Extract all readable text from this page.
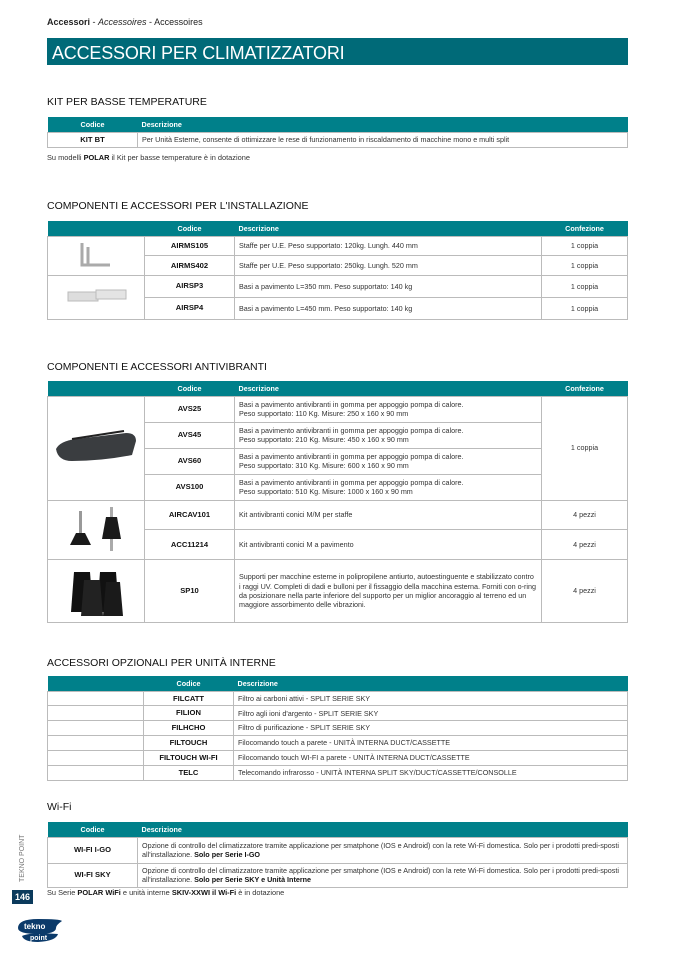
Accessori - Accessoires - Accessoires
ACCESSORI PER CLIMATIZZATORI
KIT PER BASSE TEMPERATURE
Codice	Descrizione
KIT BT	Per Unità Esterne, consente di ottimizzare le rese di funzionamento in riscaldamento di macchine mono e multi split
Su modelli POLAR il Kit per basse temperature è in dotazione
COMPONENTI E ACCESSORI PER L'INSTALLAZIONE
	Codice	Descrizione	Confezione
	AIRMS105	Staffe per U.E. Peso supportato: 120kg. Lungh. 440 mm	1 coppia
	AIRMS402	Staffe per U.E. Peso supportato: 250kg. Lungh. 520 mm	1 coppia
	AIRSP3	Basi a pavimento L=350 mm. Peso supportato: 140 kg	1 coppia
	AIRSP4	Basi a pavimento L=450 mm. Peso supportato: 140 kg	1 coppia
COMPONENTI E ACCESSORI ANTIVIBRANTI
	Codice	Descrizione	Confezione
	AVS25	Basi a pavimento antivibranti in gomma per appoggio pompa di calore.
Peso supportato: 110 Kg. Misure: 250 x 160 x 90 mm	1 coppia
	AVS45	Basi a pavimento antivibranti in gomma per appoggio pompa di calore.
Peso supportato: 210 Kg. Misure: 450 x 160 x 90 mm	

	AVS60	Basi a pavimento antivibranti in gomma per appoggio pompa di calore.
Peso supportato: 310 Kg. Misure: 600 x 160 x 90 mm	

	AVS100	Basi a pavimento antivibranti in gomma per appoggio pompa di calore.
Peso supportato: 510 Kg. Misure: 1000 x 160 x 90 mm	

	AIRCAV101	Kit antivibranti conici M/M per staffe	4 pezzi
	ACC11214	Kit antivibranti conici M a pavimento	4 pezzi
	SP10	Supporti per macchine esterne in polipropilene antiurto, autoestinguente e stabilizzato contro i raggi UV. Completi di dadi e bulloni per il fissaggio della macchina esterna. Forniti con o-ring da posizionare nella parte inferiore del supporto per un miglior ancoraggio al terreno ed un maggiore assorbimento delle vibrazioni.	4 pezzi
ACCESSORI OPZIONALI PER UNITÀ INTERNE
	Codice	Descrizione
	FILCATT	Filtro ai carboni attivi - SPLIT SERIE SKY
	FILION	Filtro agli ioni d'argento - SPLIT SERIE SKY
	FILHCHO	Filtro di purificazione - SPLIT SERIE SKY
	FILTOUCH	Filocomando touch a parete - UNITÀ INTERNA DUCT/CASSETTE
	FILTOUCH WI-FI	Filocomando touch WI-FI a parete - UNITÀ INTERNA DUCT/CASSETTE
	TELC	Telecomando infrarosso - UNITÀ INTERNA SPLIT SKY/DUCT/CASSETTE/CONSOLLE
Wi-Fi
Codice	Descrizione
WI-FI I-GO	Opzione di controllo del climatizzatore tramite applicazione per smatphone (IOS e Android) con la rete Wi-Fi domestica. Solo per i prodotti predi-sposti all'installazione. Solo per Serie I-GO
WI-FI SKY	Opzione di controllo del climatizzatore tramite applicazione per smatphone (IOS e Android) con la rete Wi-Fi domestica. Solo per i prodotti predi-sposti all'installazione. Solo per Serie SKY e Unità Interne
Su Serie POLAR WiFi e unità interne SKIV-XXWI il Wi-Fi è in dotazione
TEKNO POINT
146
tekno
point
